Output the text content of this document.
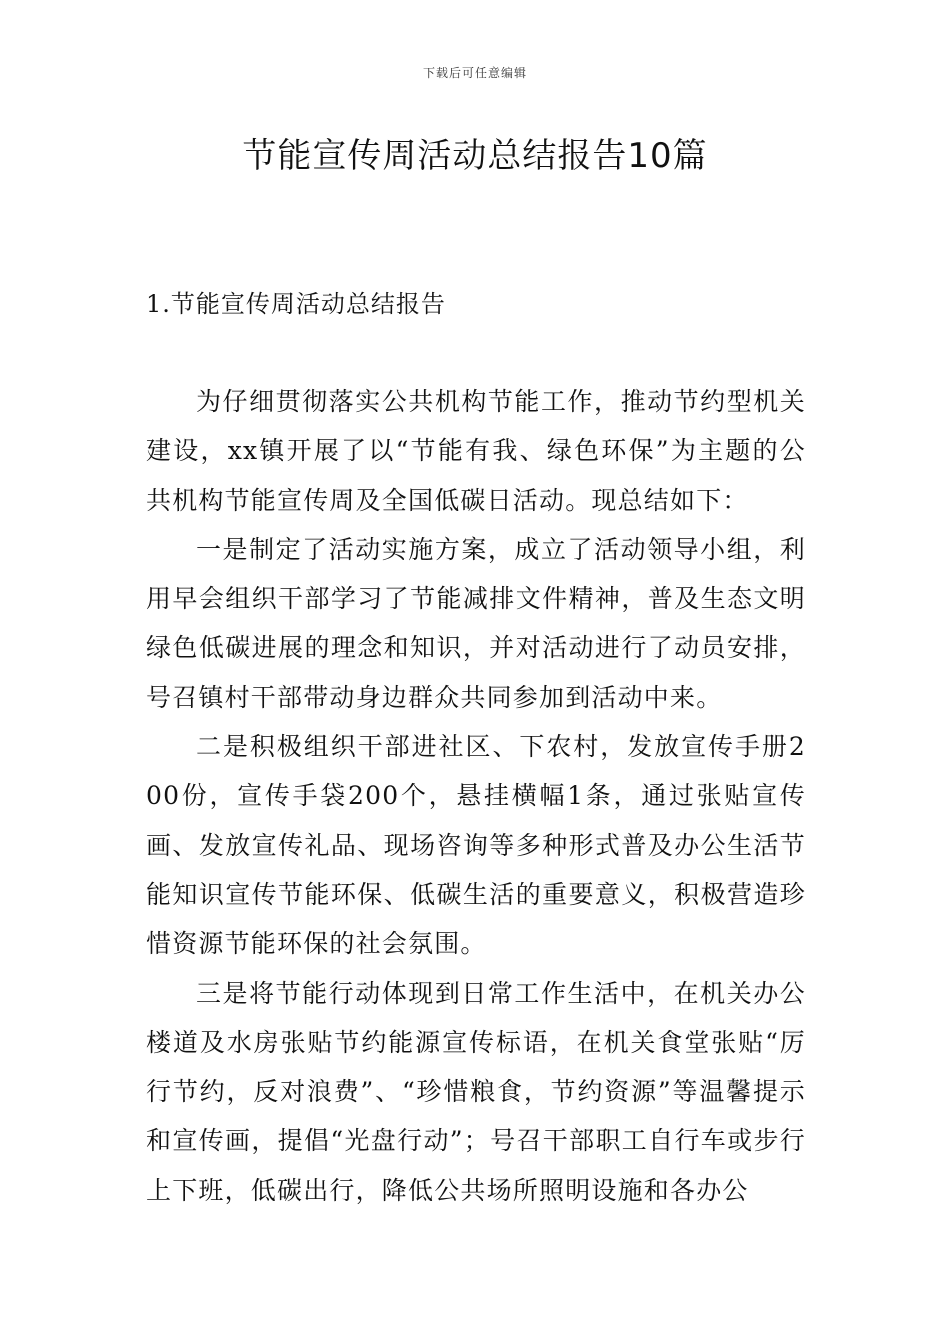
下载后可任意编辑
节能宣传周活动总结报告10篇
1.节能宣传周活动总结报告

为仔细贯彻落实公共机构节能工作，推动节约型机关建设，xx镇开展了以“节能有我、绿色环保”为主题的公共机构节能宣传周及全国低碳日活动。现总结如下：

一是制定了活动实施方案，成立了活动领导小组，利用早会组织干部学习了节能减排文件精神，普及生态文明绿色低碳进展的理念和知识，并对活动进行了动员安排，号召镇村干部带动身边群众共同参加到活动中来。

二是积极组织干部进社区、下农村，发放宣传手册200份，宣传手袋200个，悬挂横幅1条，通过张贴宣传画、发放宣传礼品、现场咨询等多种形式普及办公生活节能知识宣传节能环保、低碳生活的重要意义，积极营造珍惜资源节能环保的社会氛围。

三是将节能行动体现到日常工作生活中，在机关办公楼道及水房张贴节约能源宣传标语，在机关食堂张贴“厉行节约，反对浪费”、“珍惜粮食，节约资源”等温馨提示和宣传画，提倡“光盘行动”；号召干部职工自行车或步行上下班，低碳出行，降低公共场所照明设施和各办公
